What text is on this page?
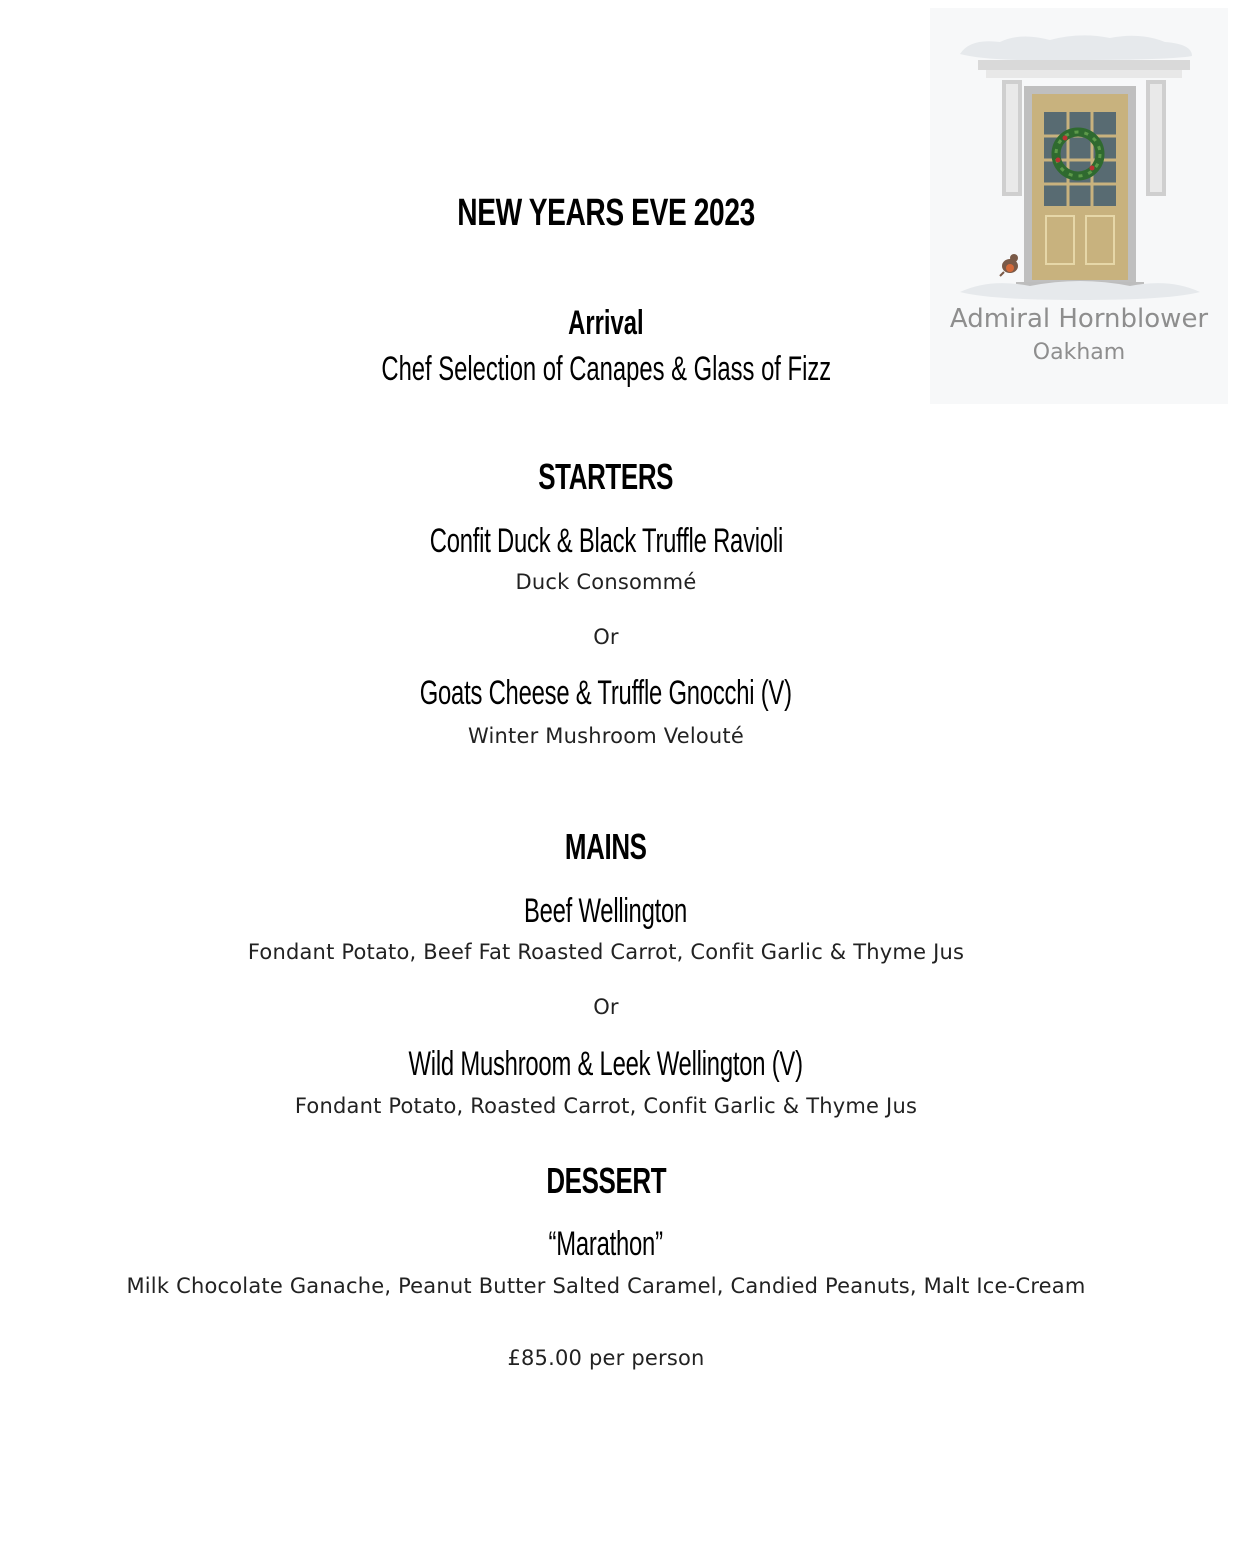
Admiral Hornblower
Oakham
NEW YEARS EVE 2023
Arrival
Chef Selection of Canapes & Glass of Fizz
STARTERS
Confit Duck & Black Truffle Ravioli
Duck Consommé
Or
Goats Cheese & Truffle Gnocchi (V)
Winter Mushroom Velouté
MAINS
Beef Wellington
Fondant Potato, Beef Fat Roasted Carrot, Confit Garlic & Thyme Jus
Or
Wild Mushroom & Leek Wellington (V)
Fondant Potato, Roasted Carrot, Confit Garlic & Thyme Jus
DESSERT
“Marathon”
Milk Chocolate Ganache, Peanut Butter Salted Caramel, Candied Peanuts, Malt Ice-Cream
£85.00 per person
